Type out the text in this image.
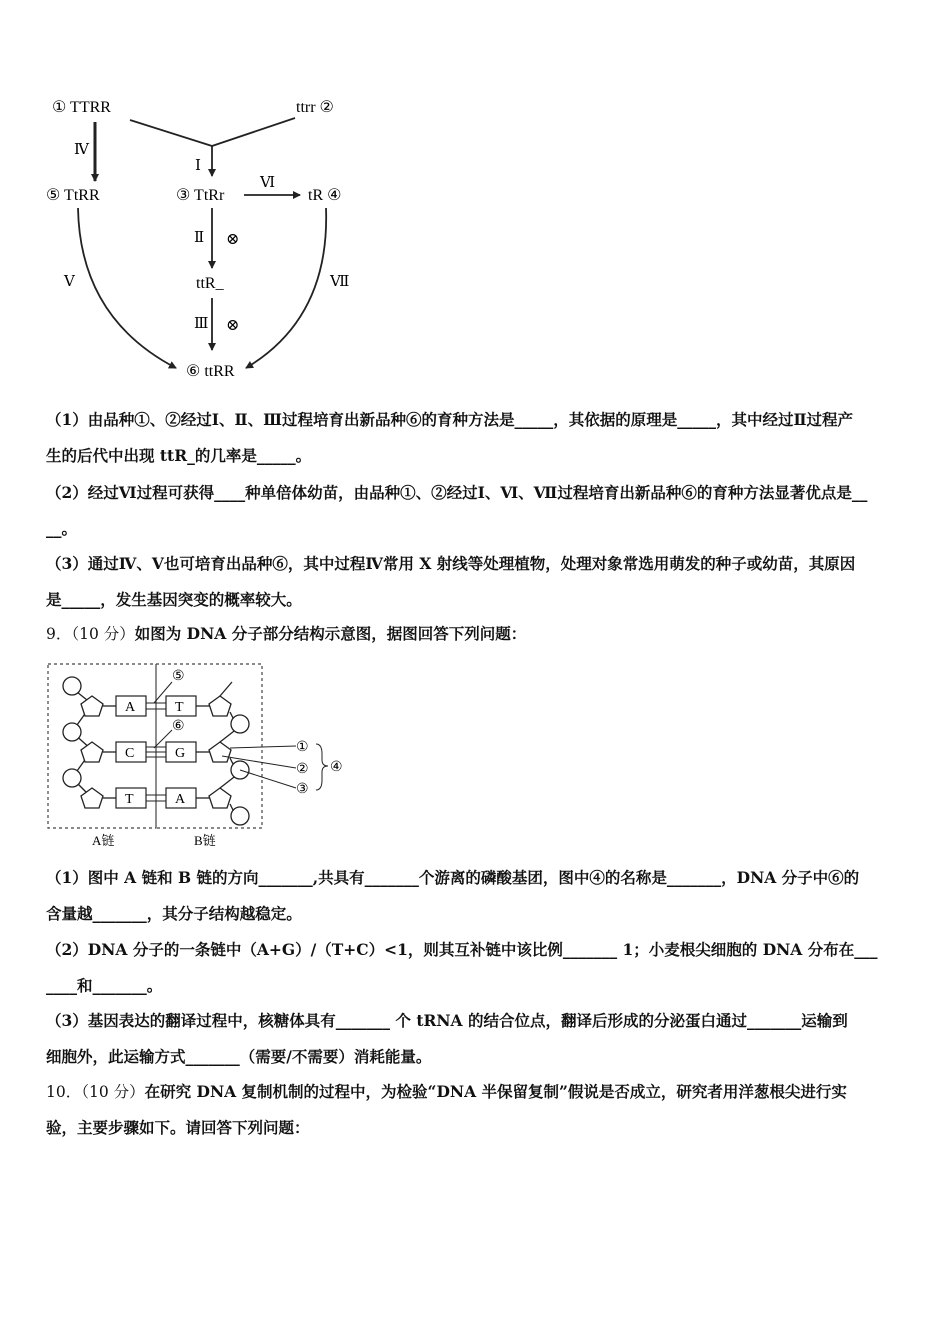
① TTRR	ttrr ②
Ⅰ
Ⅳ
⑤ TtRR	③ TtRr	tR ④
Ⅵ
Ⅱ ⊗
ttR_
Ⅲ ⊗
Ⅴ	Ⅶ
⑥ ttRR
（1）由品种①、②经过Ⅰ、Ⅱ、Ⅲ过程培育出新品种⑥的育种方法是_____，其依据的原理是_____，其中经过Ⅱ过程产
生的后代中出现 ttR_的几率是_____。
（2）经过Ⅵ过程可获得____种单倍体幼苗，由品种①、②经过Ⅰ、Ⅵ、Ⅶ过程培育出新品种⑥的育种方法显著优点是__
__。
（3）通过Ⅳ、Ⅴ也可培育出品种⑥，其中过程Ⅳ常用 X 射线等处理植物，处理对象常选用萌发的种子或幼苗，其原因
是_____，发生基因突变的概率较大。
9．（10 分）如图为 DNA 分子部分结构示意图，据图回答下列问题：
A
C
T
T
G
A
⑤
⑥
①
②
③
④
A链	B链
（1）图中 A 链和 B 链的方向_______,共具有_______个游离的磷酸基团，图中④的名称是_______，DNA 分子中⑥的
含量越_______，其分子结构越稳定。
（2）DNA 分子的一条链中（A+G）/（T+C）<1，则其互补链中该比例_______ 1；小麦根尖细胞的 DNA 分布在___
____和_______。
（3）基因表达的翻译过程中，核糖体具有_______ 个 tRNA 的结合位点，翻译后形成的分泌蛋白通过_______运输到
细胞外，此运输方式_______（需要/不需要）消耗能量。
10．（10 分）在研究 DNA 复制机制的过程中，为检验“DNA 半保留复制”假说是否成立，研究者用洋葱根尖进行实
验，主要步骤如下。请回答下列问题：
